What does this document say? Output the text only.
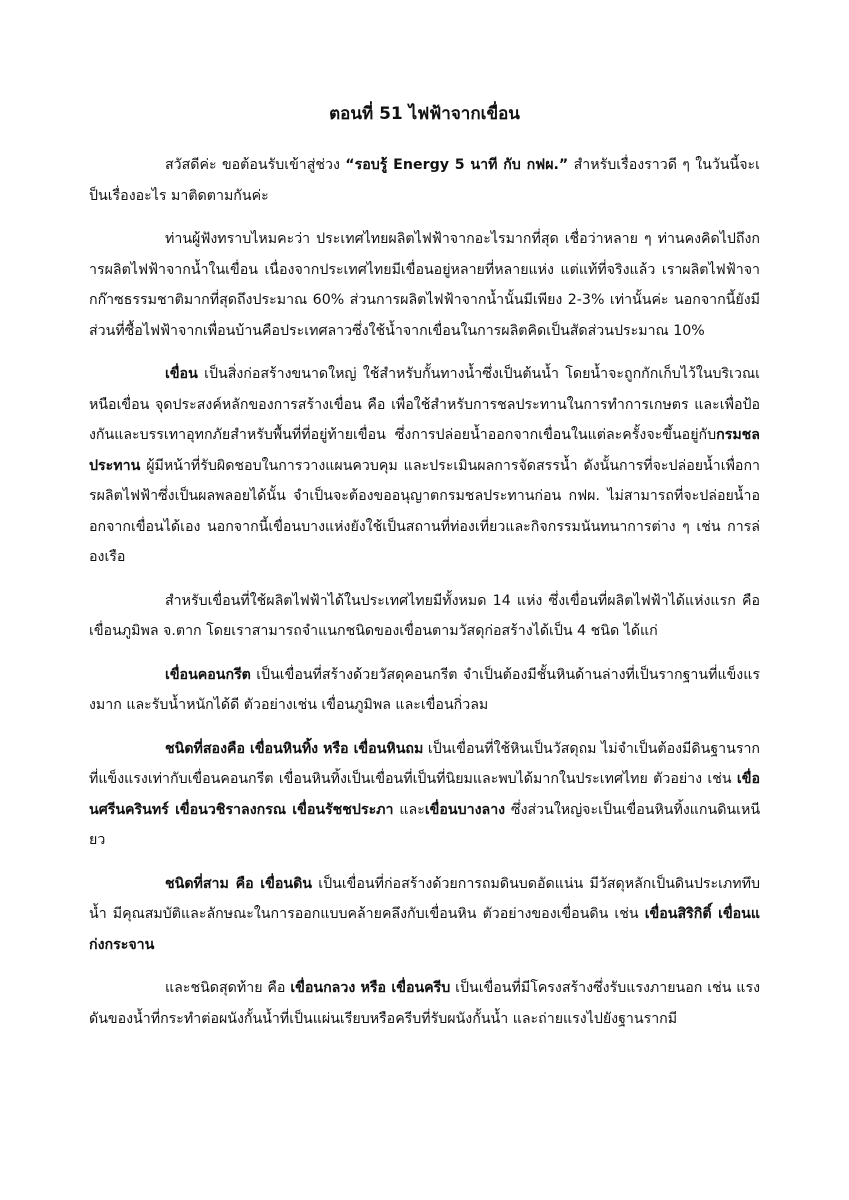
ตอนที่ 51 ไฟฟ้าจากเขื่อน

สวัสดีค่ะ ขอต้อนรับเข้าสู่ช่วง “รอบรู้ Energy 5 นาที กับ กฟผ.” สำหรับเรื่องราวดี ๆ ในวันนี้จะเป็นเรื่องอะไร มาติดตามกันค่ะ

ท่านผู้ฟังทราบไหมคะว่า ประเทศไทยผลิตไฟฟ้าจากอะไรมากที่สุด เชื่อว่าหลาย ๆ ท่านคงคิดไปถึงการผลิตไฟฟ้าจากน้ำในเขื่อน เนื่องจากประเทศไทยมีเขื่อนอยู่หลายที่หลายแห่ง แต่แท้ที่จริงแล้ว เราผลิตไฟฟ้าจากก๊าซธรรมชาติมากที่สุดถึงประมาณ 60% ส่วนการผลิตไฟฟ้าจากน้ำนั้นมีเพียง 2-3% เท่านั้นค่ะ นอกจากนี้ยังมีส่วนที่ซื้อไฟฟ้าจากเพื่อนบ้านคือประเทศลาวซึ่งใช้น้ำจากเขื่อนในการผลิตคิดเป็นสัดส่วนประมาณ 10%

เขื่อน เป็นสิ่งก่อสร้างขนาดใหญ่ ใช้สำหรับกั้นทางน้ำซึ่งเป็นต้นน้ำ โดยน้ำจะถูกกักเก็บไว้ในบริเวณเหนือเขื่อน จุดประสงค์หลักของการสร้างเขื่อน คือ เพื่อใช้สำหรับการชลประทานในการทำการเกษตร และเพื่อป้องกันและบรรเทาอุทกภัยสำหรับพื้นที่ที่อยู่ท้ายเขื่อน ซึ่งการปล่อยน้ำออกจากเขื่อนในแต่ละครั้งจะขึ้นอยู่กับกรมชลประทาน ผู้มีหน้าที่รับผิดชอบในการวางแผนควบคุม และประเมินผลการจัดสรรน้ำ ดังนั้นการที่จะปล่อยน้ำเพื่อการผลิตไฟฟ้าซึ่งเป็นผลพลอยได้นั้น จำเป็นจะต้องขออนุญาตกรมชลประทานก่อน กฟผ. ไม่สามารถที่จะปล่อยน้ำออกจากเขื่อนได้เอง นอกจากนี้เขื่อนบางแห่งยังใช้เป็นสถานที่ท่องเที่ยวและกิจกรรมนันทนาการต่าง ๆ เช่น การล่องเรือ

สำหรับเขื่อนที่ใช้ผลิตไฟฟ้าได้ในประเทศไทยมีทั้งหมด 14 แห่ง ซึ่งเขื่อนที่ผลิตไฟฟ้าได้แห่งแรก คือ เขื่อนภูมิพล จ.ตาก โดยเราสามารถจำแนกชนิดของเขื่อนตามวัสดุก่อสร้างได้เป็น 4 ชนิด ได้แก่

เขื่อนคอนกรีต เป็นเขื่อนที่สร้างด้วยวัสดุคอนกรีต จำเป็นต้องมีชั้นหินด้านล่างที่เป็นรากฐานที่แข็งแรงมาก และรับน้ำหนักได้ดี ตัวอย่างเช่น เขื่อนภูมิพล และเขื่อนกิ่วลม

ชนิดที่สองคือ เขื่อนหินทิ้ง หรือ เขื่อนหินถม เป็นเขื่อนที่ใช้หินเป็นวัสดุถม ไม่จำเป็นต้องมีดินฐานรากที่แข็งแรงเท่ากับเขื่อนคอนกรีต เขื่อนหินทิ้งเป็นเขื่อนที่เป็นที่นิยมและพบได้มากในประเทศไทย ตัวอย่าง เช่น เขื่อนศรีนครินทร์ เขื่อนวชิราลงกรณ เขื่อนรัชชประภา และเขื่อนบางลาง ซึ่งส่วนใหญ่จะเป็นเขื่อนหินทิ้งแกนดินเหนียว

ชนิดที่สาม คือ เขื่อนดิน เป็นเขื่อนที่ก่อสร้างด้วยการถมดินบดอัดแน่น มีวัสดุหลักเป็นดินประเภททึบน้ำ มีคุณสมบัติและลักษณะในการออกแบบคล้ายคลึงกับเขื่อนหิน ตัวอย่างของเขื่อนดิน เช่น เขื่อนสิริกิติ์ เขื่อนแก่งกระจาน

และชนิดสุดท้าย คือ เขื่อนกลวง หรือ เขื่อนครีบ เป็นเขื่อนที่มีโครงสร้างซึ่งรับแรงภายนอก เช่น แรงดันของน้ำที่กระทำต่อผนังกั้นน้ำที่เป็นแผ่นเรียบหรือครีบที่รับผนังกั้นน้ำ และถ่ายแรงไปยังฐานรากมี
